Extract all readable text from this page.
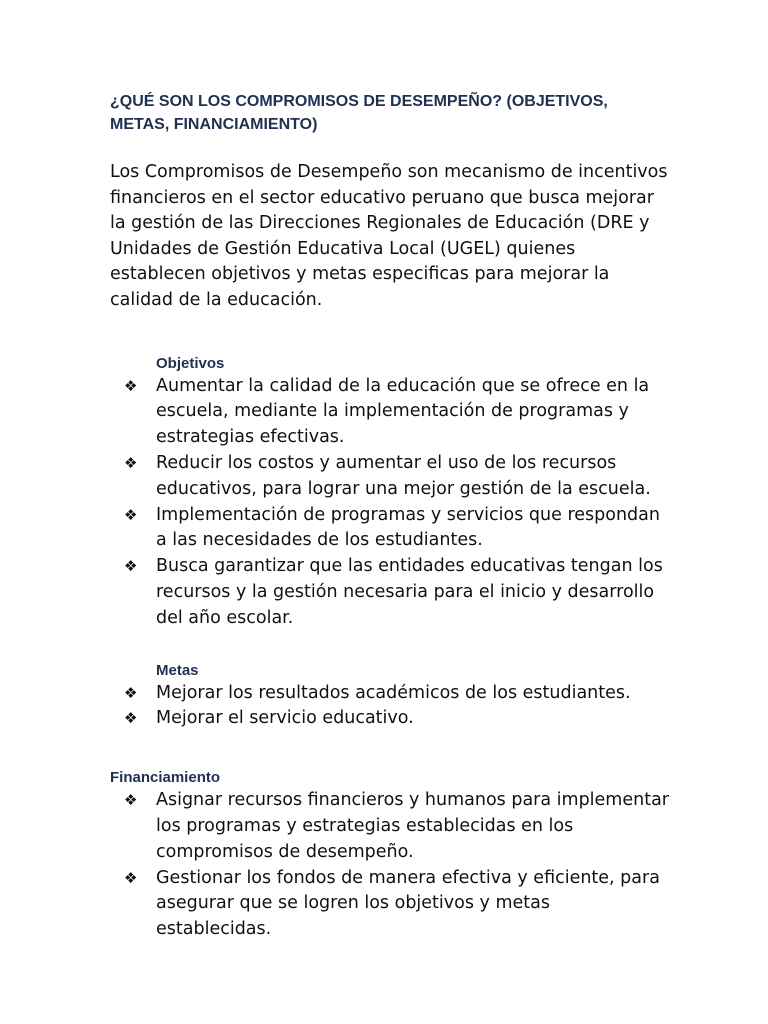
¿QUÉ SON LOS COMPROMISOS DE DESEMPEÑO? (OBJETIVOS, METAS, FINANCIAMIENTO)

Los Compromisos de Desempeño son mecanismo de incentivos financieros en el sector educativo peruano que busca mejorar la gestión de las Direcciones Regionales de Educación (DRE y Unidades de Gestión Educativa Local (UGEL) quienes establecen objetivos y metas especificas para mejorar la calidad de la educación.

Objetivos
❖ Aumentar la calidad de la educación que se ofrece en la escuela, mediante la implementación de programas y estrategias efectivas.
❖ Reducir los costos y aumentar el uso de los recursos educativos, para lograr una mejor gestión de la escuela.
❖ Implementación de programas y servicios que respondan a las necesidades de los estudiantes.
❖ Busca garantizar que las entidades educativas tengan los recursos y la gestión necesaria para el inicio y desarrollo del año escolar.
Metas
❖ Mejorar los resultados académicos de los estudiantes.
❖ Mejorar el servicio educativo.
Financiamiento
❖ Asignar recursos financieros y humanos para implementar los programas y estrategias establecidas en los compromisos de desempeño.
❖ Gestionar los fondos de manera efectiva y eficiente, para asegurar que se logren los objetivos y metas establecidas.
